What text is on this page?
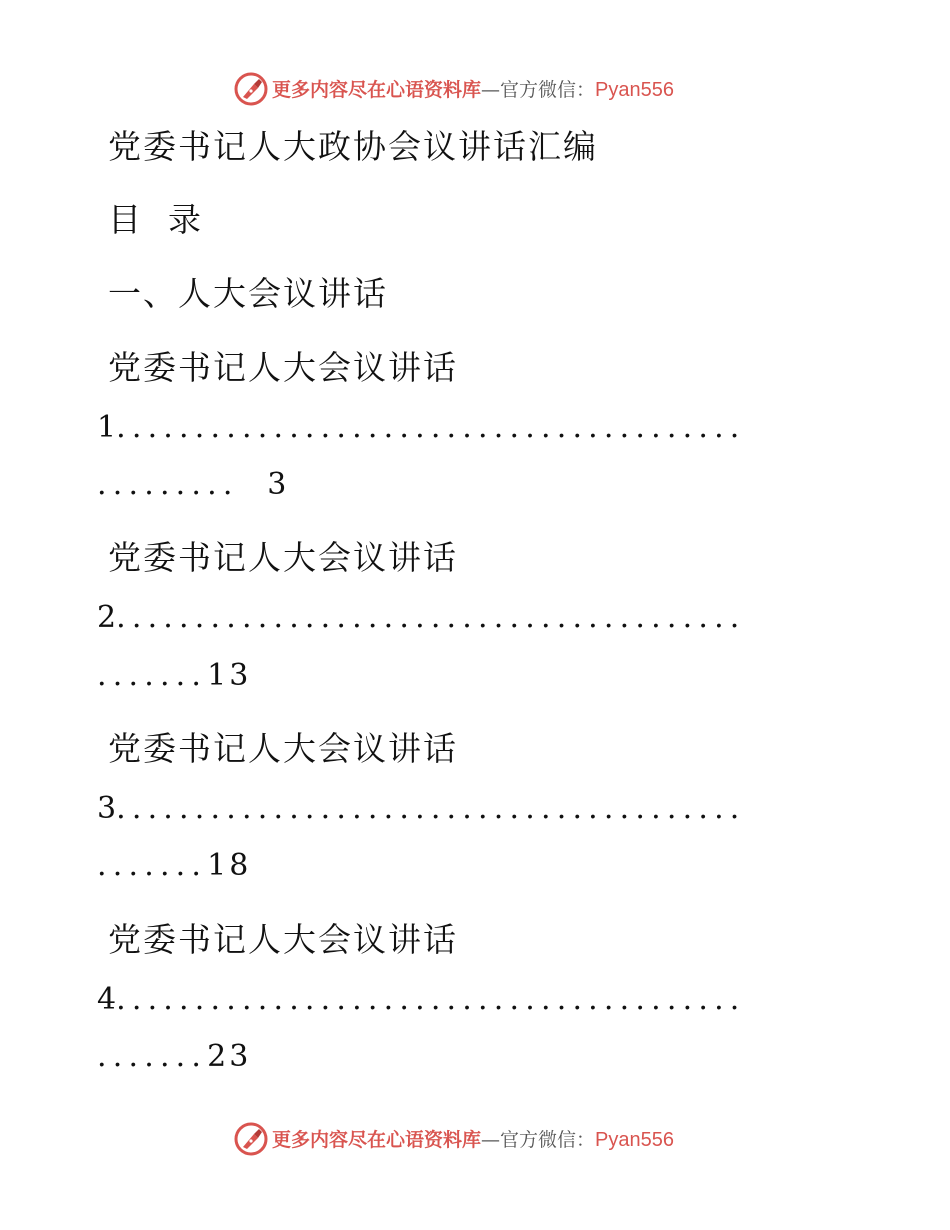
更多内容尽在心语资料库—官方微信：Pyan556
党委书记人大政协会议讲话汇编
目  录
一、人大会议讲话
党委书记人大会议讲话
1........................................
......... 3
党委书记人大会议讲话
2........................................
.......13
党委书记人大会议讲话
3........................................
.......18
党委书记人大会议讲话
4........................................
.......23
更多内容尽在心语资料库—官方微信：Pyan556
